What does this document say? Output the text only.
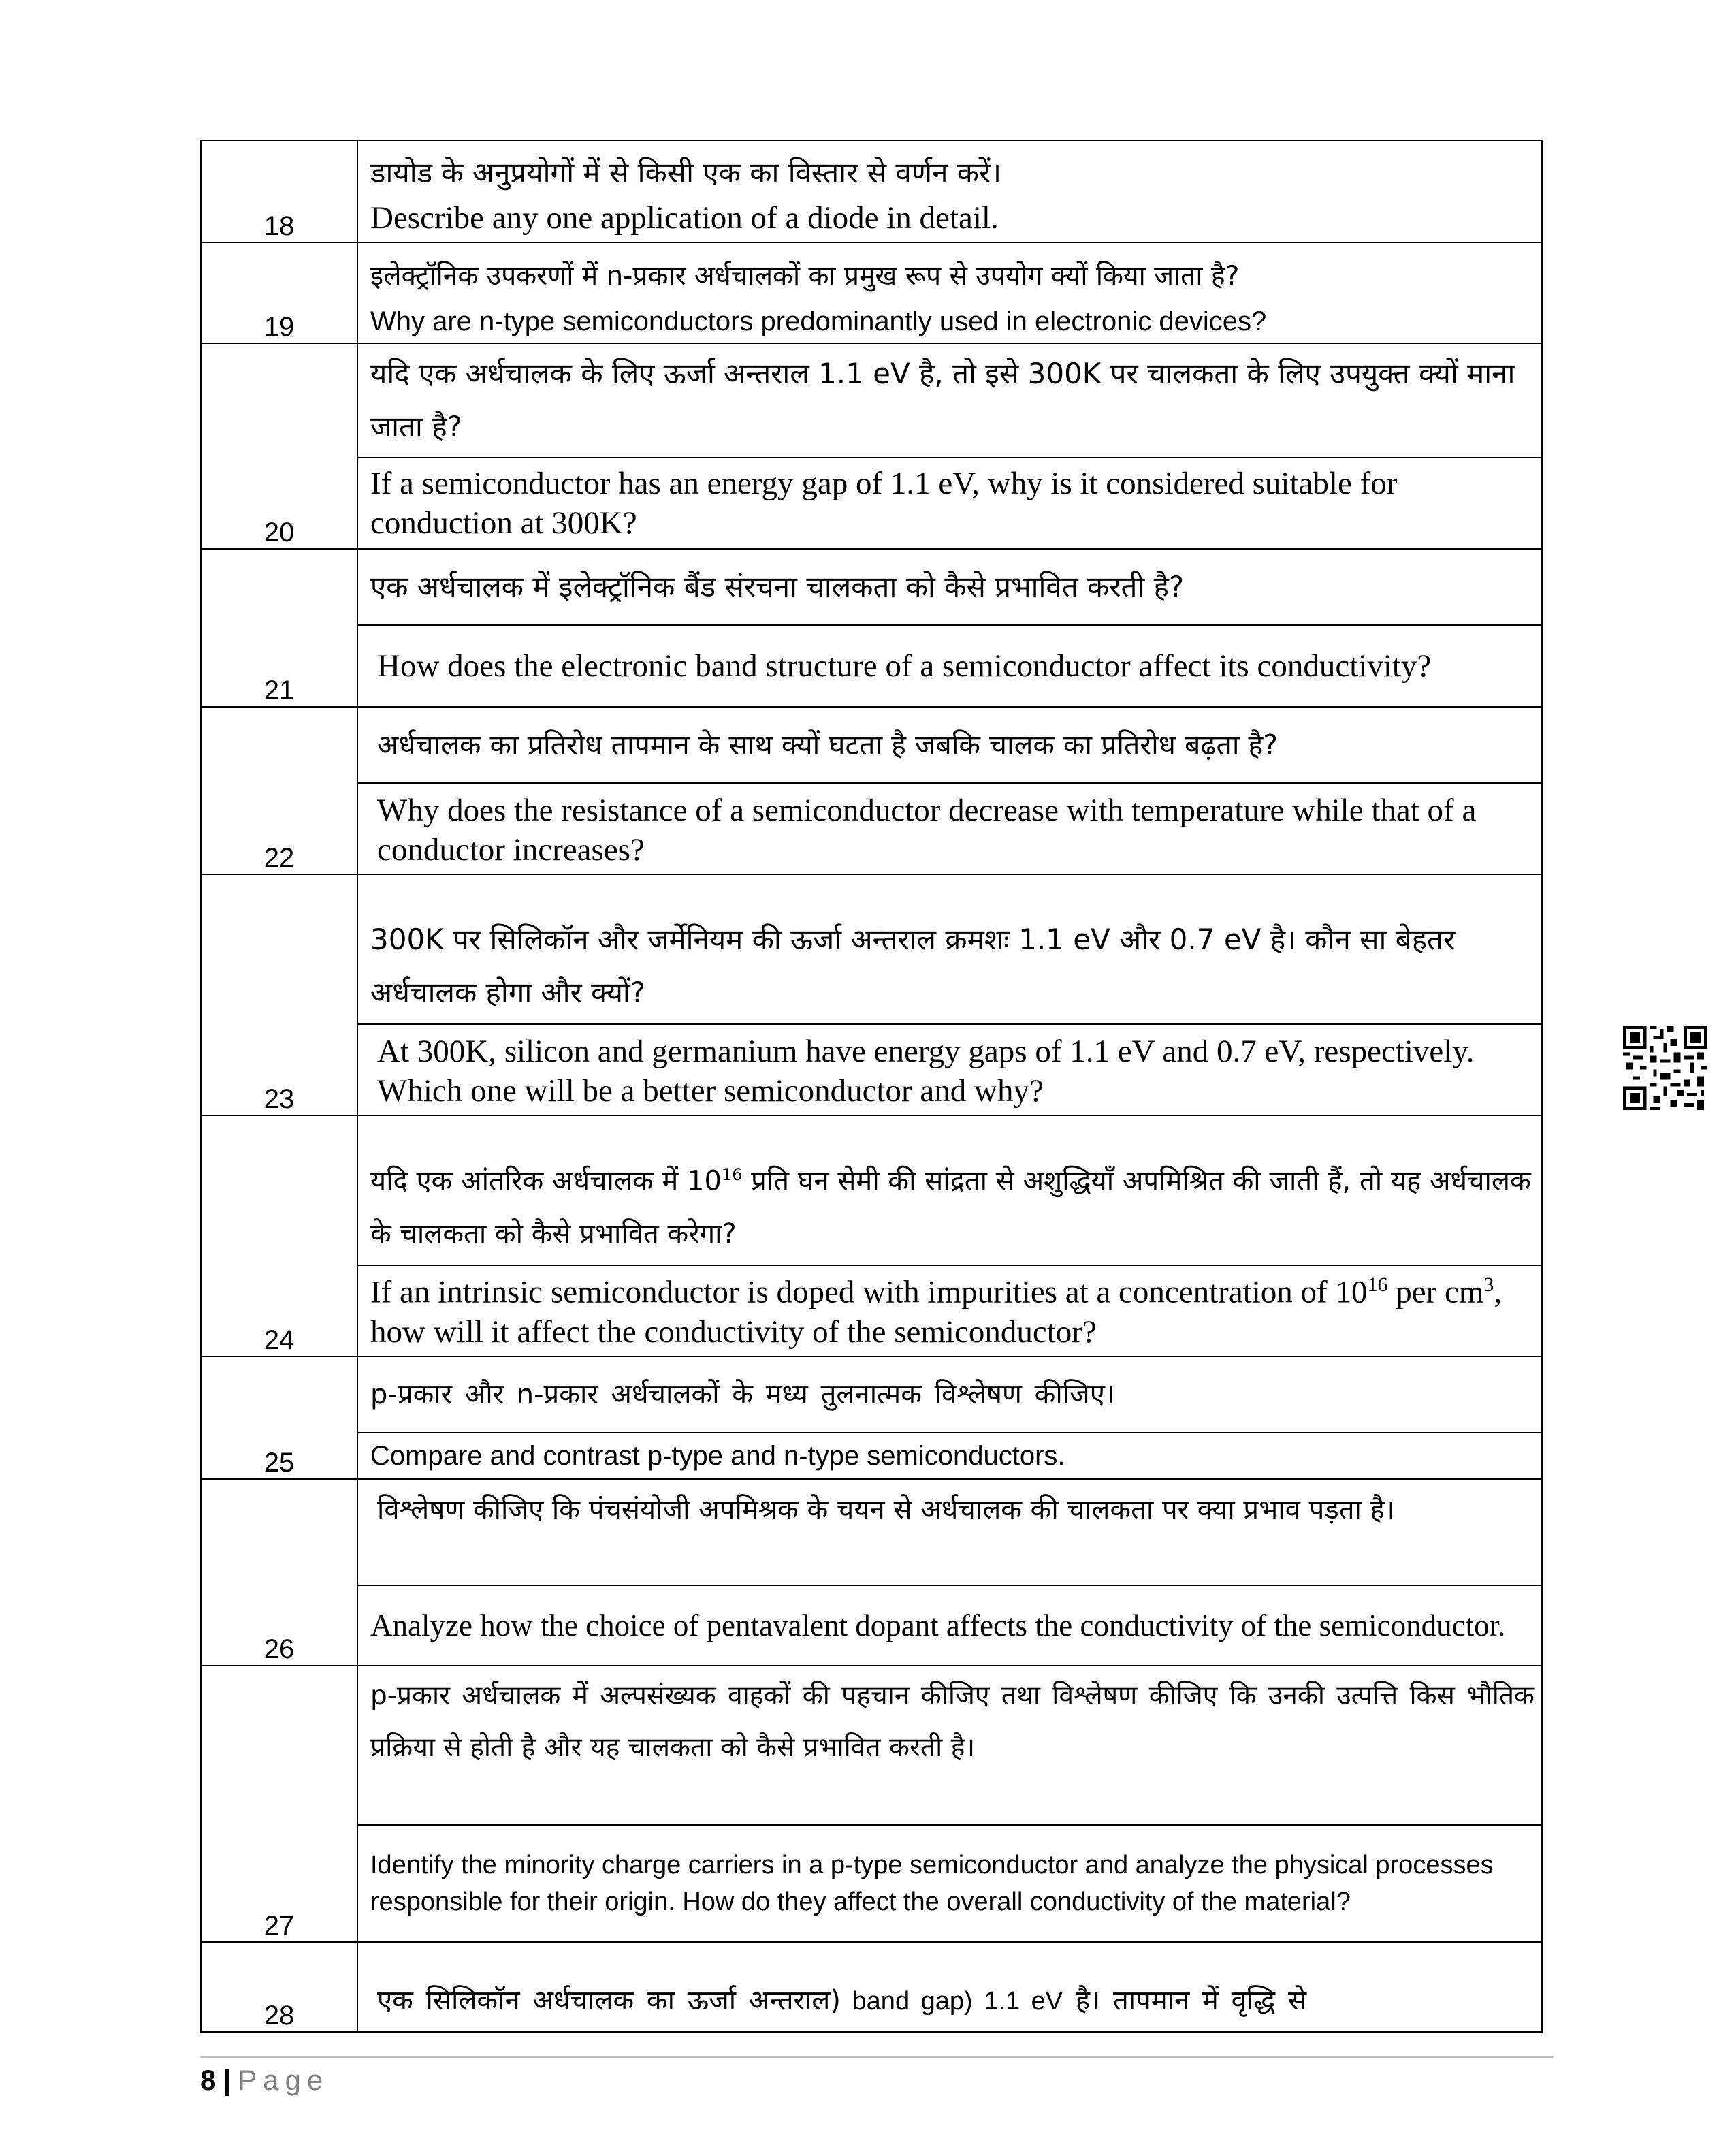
18	डायोड के अनुप्रयोगों में से किसी एक का विस्तार से वर्णन करें।
Describe any one application of a diode in detail.

19	इलेक्ट्रॉनिक उपकरणों में n-प्रकार अर्धचालकों का प्रमुख रूप से उपयोग क्यों किया जाता है?
Why are n-type semiconductors predominantly used in electronic devices?

20	यदि एक अर्धचालक के लिए ऊर्जा अन्तराल 1.1 eV है, तो इसे 300K पर चालकता के लिए उपयुक्त क्यों माना जाता है?

	If a semiconductor has an energy gap of 1.1 eV, why is it considered suitable for conduction at 300K?

21	एक अर्धचालक में इलेक्ट्रॉनिक बैंड संरचना चालकता को कैसे प्रभावित करती है?

	How does the electronic band structure of a semiconductor affect its conductivity?

22	अर्धचालक का प्रतिरोध तापमान के साथ क्यों घटता है जबकि चालक का प्रतिरोध बढ़ता है?

	Why does the resistance of a semiconductor decrease with temperature while that of a conductor increases?

23	300K पर सिलिकॉन और जर्मेनियम की ऊर्जा अन्तराल क्रमशः 1.1 eV और 0.7 eV है। कौन सा बेहतर अर्धचालक होगा और क्यों?

	At 300K, silicon and germanium have energy gaps of 1.1 eV and 0.7 eV, respectively. Which one will be a better semiconductor and why?

24	यदि एक आंतरिक अर्धचालक में $10^{16}$ प्रति घन सेमी की सांद्रता से अशुद्धियाँ अपमिश्रित की जाती हैं, तो यह अर्धचालक के चालकता को कैसे प्रभावित करेगा?

	If an intrinsic semiconductor is doped with impurities at a concentration of $10^{16}$ per $cm^3$, how will it affect the conductivity of the semiconductor?

25	p-प्रकार और n-प्रकार अर्धचालकों के मध्य तुलनात्मक विश्लेषण कीजिए।

	Compare and contrast p-type and n-type semiconductors.

26	विश्लेषण कीजिए कि पंचसंयोजी अपमिश्रक के चयन से अर्धचालक की चालकता पर क्या प्रभाव पड़ता है।

	Analyze how the choice of pentavalent dopant affects the conductivity of the semiconductor.

27	p-प्रकार अर्धचालक में अल्पसंख्यक वाहकों की पहचान कीजिए तथा विश्लेषण कीजिए कि उनकी उत्पत्ति किस भौतिक प्रक्रिया से होती है और यह चालकता को कैसे प्रभावित करती है।

	Identify the minority charge carriers in a p-type semiconductor and analyze the physical processes responsible for their origin. How do they affect the overall conductivity of the material?

28	एक सिलिकॉन अर्धचालक का ऊर्जा अन्तराल) band gap) 1.1 eV है। तापमान में वृद्धि से
8 | Page
